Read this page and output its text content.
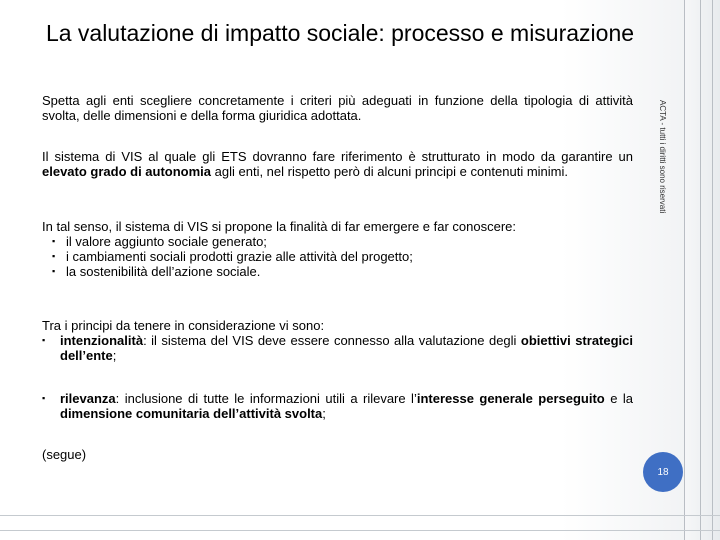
La valutazione di impatto sociale: processo e misurazione
ACTA - tutti i diritti sono riservati
Spetta agli enti scegliere concretamente i criteri più adeguati in funzione della tipologia di attività svolta, delle dimensioni e della forma giuridica adottata.
Il sistema di VIS al quale gli ETS dovranno fare riferimento è strutturato in modo da garantire un elevato grado di autonomia agli enti, nel rispetto però di alcuni principi e contenuti minimi.
In tal senso, il sistema di VIS si propone la finalità di far emergere e far conoscere:
▪ il valore aggiunto sociale generato;
▪ i cambiamenti sociali prodotti grazie alle attività del progetto;
▪ la sostenibilità dell’azione sociale.
Tra i principi da tenere in considerazione vi sono:
▪ intenzionalità: il sistema del VIS deve essere connesso alla valutazione degli obiettivi strategici dell’ente;
▪ rilevanza: inclusione di tutte le informazioni utili a rilevare l’interesse generale perseguito e la dimensione comunitaria dell’attività svolta;
(segue)
18
